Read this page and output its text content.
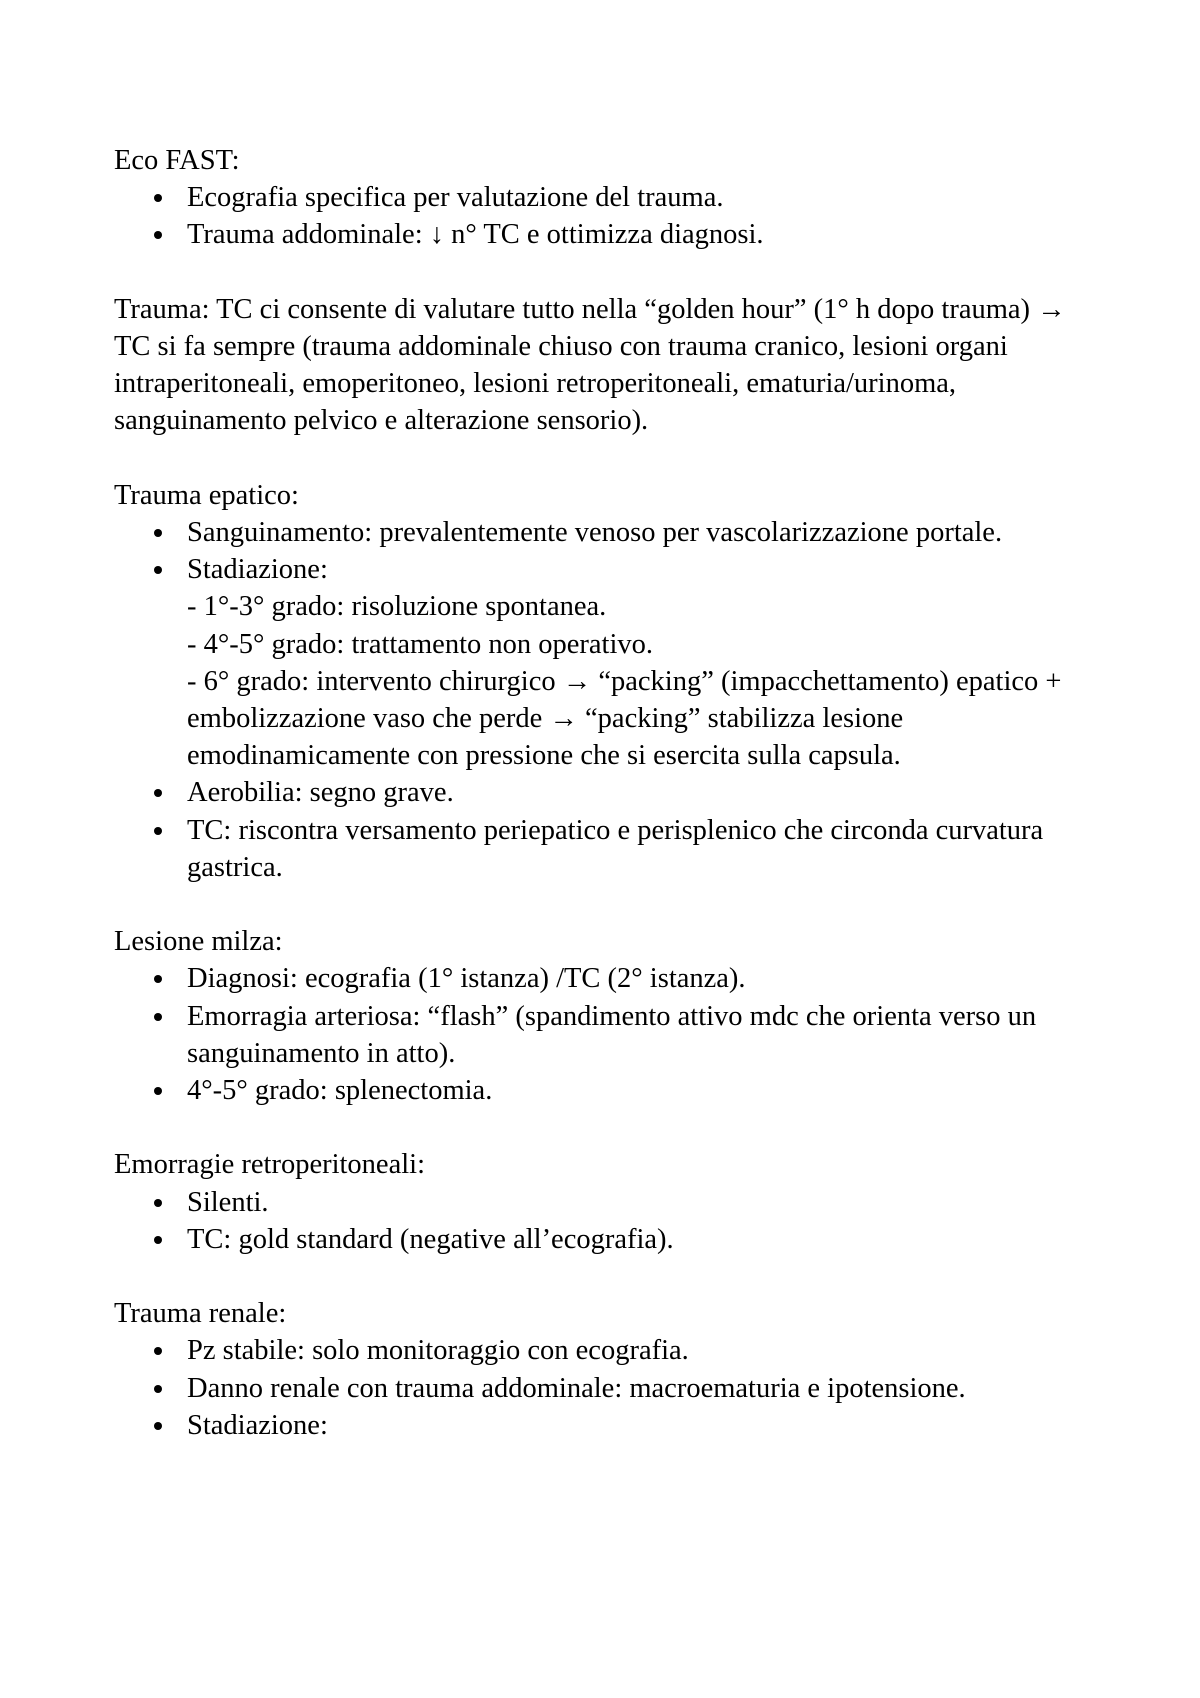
Eco FAST:

Ecografia specifica per valutazione del trauma.
Trauma addominale: ↓ n° TC e ottimizza diagnosi.

Trauma: TC ci consente di valutare tutto nella “golden hour” (1° h dopo trauma) → TC si fa sempre (trauma addominale chiuso con trauma cranico, lesioni organi intraperitoneali, emoperitoneo, lesioni retroperitoneali, ematuria/urinoma, sanguinamento pelvico e alterazione sensorio).

Trauma epatico:

Sanguinamento: prevalentemente venoso per vascolarizzazione portale.
Stadiazione:
- 1°-3° grado: risoluzione spontanea.
- 4°-5° grado: trattamento non operativo.
- 6° grado: intervento chirurgico → “packing” (impacchettamento) epatico + embolizzazione vaso che perde → “packing” stabilizza lesione emodinamicamente con pressione che si esercita sulla capsula.
Aerobilia: segno grave.
TC: riscontra versamento periepatico e perisplenico che circonda curvatura gastrica.

Lesione milza:

Diagnosi: ecografia (1° istanza) /TC (2° istanza).
Emorragia arteriosa: “flash” (spandimento attivo mdc che orienta verso un sanguinamento in atto).
4°-5° grado: splenectomia.

Emorragie retroperitoneali:

Silenti.
TC: gold standard (negative all’ecografia).

Trauma renale:

Pz stabile: solo monitoraggio con ecografia.
Danno renale con trauma addominale: macroematuria e ipotensione.
Stadiazione:
